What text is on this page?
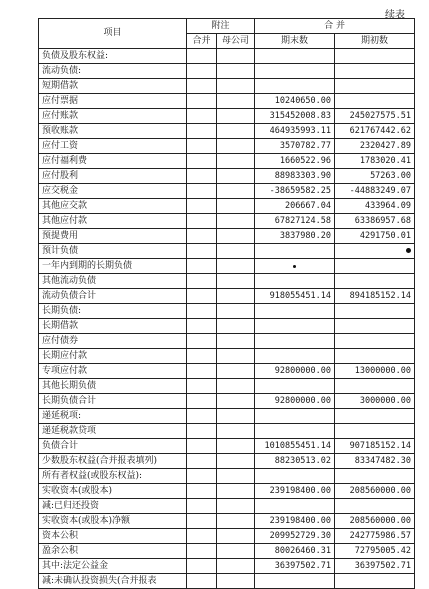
续表
项目	附注		合 并	
	合并	母公司	期末数	期初数
负债及股东权益:				
流动负债:				
短期借款				
应付票据			10240650.00	
应付账款			315452008.83	245027575.51
预收账款			464935993.11	621767442.62
应付工资			3570782.77	2320427.89
应付福利费			1660522.96	1783020.41
应付股利			88983303.90	57263.00
应交税金			-38659582.25	-44883249.07
其他应交款			206667.04	433964.09
其他应付款			67827124.58	63386957.68
预提费用			3837980.20	4291750.01
预计负债				
一年内到期的长期负债				
其他流动负债				
流动负债合计			918055451.14	894185152.14
长期负债:				
长期借款				
应付债券				
长期应付款				
专项应付款			92800000.00	13000000.00
其他长期负债				
长期负债合计			92800000.00	3000000.00
递延税项:				
递延税款贷项				
负债合计			1010855451.14	907185152.14
少数股东权益(合并报表填列)			88230513.02	83347482.30
所有者权益(或股东权益):				
实收资本(或股本)			239198400.00	208560000.00
减:已归还投资				
实收资本(或股本)净额			239198400.00	208560000.00
资本公积			209952729.30	242775986.57
盈余公积			80026460.31	72795005.42
其中:法定公益金			36397502.71	36397502.71
减:未确认投资损失(合并报表				
